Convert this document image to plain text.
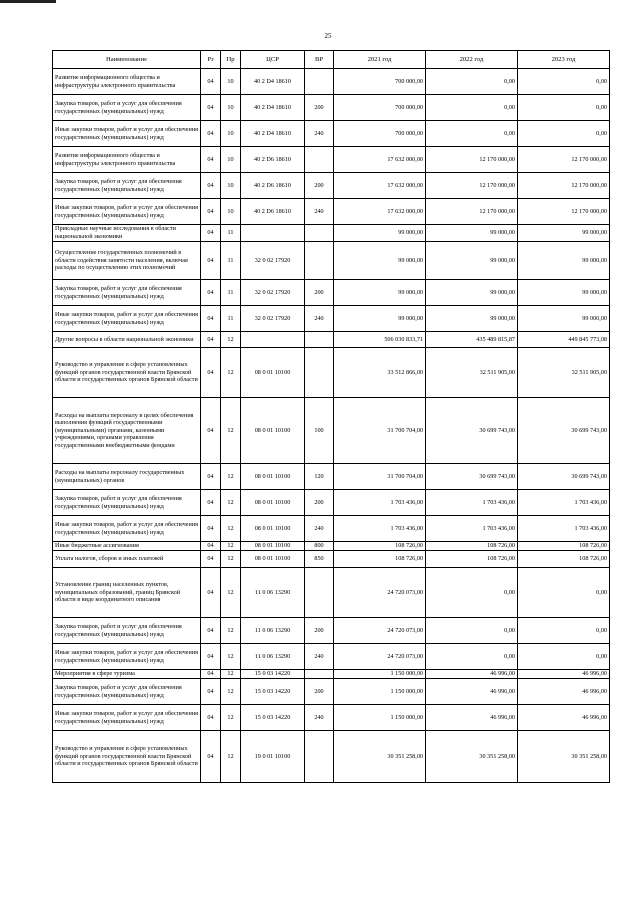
25
Наименование	Рз	Пр	ЦСР	ВР	2021 год	2022 год	2023 год
Развитие информационного общества и инфраструктуры электронного правительства	04	10	40 2 D4 18610		700 000,00	0,00	0,00
Закупка товаров, работ и услуг для обеспечения государственных (муниципальных) нужд	04	10	40 2 D4 18610	200	700 000,00	0,00	0,00
Иные закупки товаров, работ и услуг для обеспечения государственных (муниципальных) нужд	04	10	40 2 D4 18610	240	700 000,00	0,00	0,00
Развитие информационного общества и инфраструктуры электронного правительства	04	10	40 2 D6 18610		17 632 000,00	12 170 000,00	12 170 000,00
Закупка товаров, работ и услуг для обеспечения государственных (муниципальных) нужд	04	10	40 2 D6 18610	200	17 632 000,00	12 170 000,00	12 170 000,00
Иные закупки товаров, работ и услуг для обеспечения государственных (муниципальных) нужд	04	10	40 2 D6 18610	240	17 632 000,00	12 170 000,00	12 170 000,00
Прикладные научные исследования в области национальной экономики	04	11			99 000,00	99 000,00	99 000,00
Осуществление государственных полномочий в области содействия занятости населения, включая расходы по осуществлению этих полномочий	04	11	32 0 02 17920		99 000,00	99 000,00	99 000,00
Закупка товаров, работ и услуг для обеспечения государственных (муниципальных) нужд	04	11	32 0 02 17920	200	99 000,00	99 000,00	99 000,00
Иные закупки товаров, работ и услуг для обеспечения государственных (муниципальных) нужд	04	11	32 0 02 17920	240	99 000,00	99 000,00	99 000,00
Другие вопросы в области национальной экономики	04	12			506 030 833,71	435 489 815,87	449 845 773,08
Руководство и управление в сфере установленных функций органов государственной власти Брянской области и государственных органов Брянской области	04	12	08 0 01 10100		33 512 866,00	32 511 905,00	32 511 905,00
Расходы на выплаты персоналу в целях обеспечения выполнения функций государственными (муниципальными) органами, казенными учреждениями, органами управления государственными внебюджетными фондами	04	12	08 0 01 10100	100	31 700 704,00	30 699 743,00	30 699 743,00
Расходы на выплаты персоналу государственных (муниципальных) органов	04	12	08 0 01 10100	120	31 700 704,00	30 699 743,00	30 699 743,00
Закупка товаров, работ и услуг для обеспечения государственных (муниципальных) нужд	04	12	08 0 01 10100	200	1 703 436,00	1 703 436,00	1 703 436,00
Иные закупки товаров, работ и услуг для обеспечения государственных (муниципальных) нужд	04	12	08 0 01 10100	240	1 703 436,00	1 703 436,00	1 703 436,00
Иные бюджетные ассигнования	04	12	08 0 01 10100	800	108 726,00	108 726,00	108 726,00
Уплата налогов, сборов и иных платежей	04	12	08 0 01 10100	850	108 726,00	108 726,00	108 726,00
Установление границ населенных пунктов, муниципальных образований, границ Брянской области в виде координатного описания	04	12	11 0 06 13290		24 720 073,00	0,00	0,00
Закупка товаров, работ и услуг для обеспечения государственных (муниципальных) нужд	04	12	11 0 06 13290	200	24 720 073,00	0,00	0,00
Иные закупки товаров, работ и услуг для обеспечения государственных (муниципальных) нужд	04	12	11 0 06 13290	240	24 720 073,00	0,00	0,00
Мероприятия в сфере туризма	04	12	15 0 03 14220		1 150 000,00	46 996,00	46 996,00
Закупка товаров, работ и услуг для обеспечения государственных (муниципальных) нужд	04	12	15 0 03 14220	200	1 150 000,00	46 996,00	46 996,00
Иные закупки товаров, работ и услуг для обеспечения государственных (муниципальных) нужд	04	12	15 0 03 14220	240	1 150 000,00	46 996,00	46 996,00
Руководство и управление в сфере установленных функций органов государственной власти Брянской области и государственных органов Брянской области	04	12	19 0 01 10100		30 351 258,00	30 351 258,00	30 351 258,00
